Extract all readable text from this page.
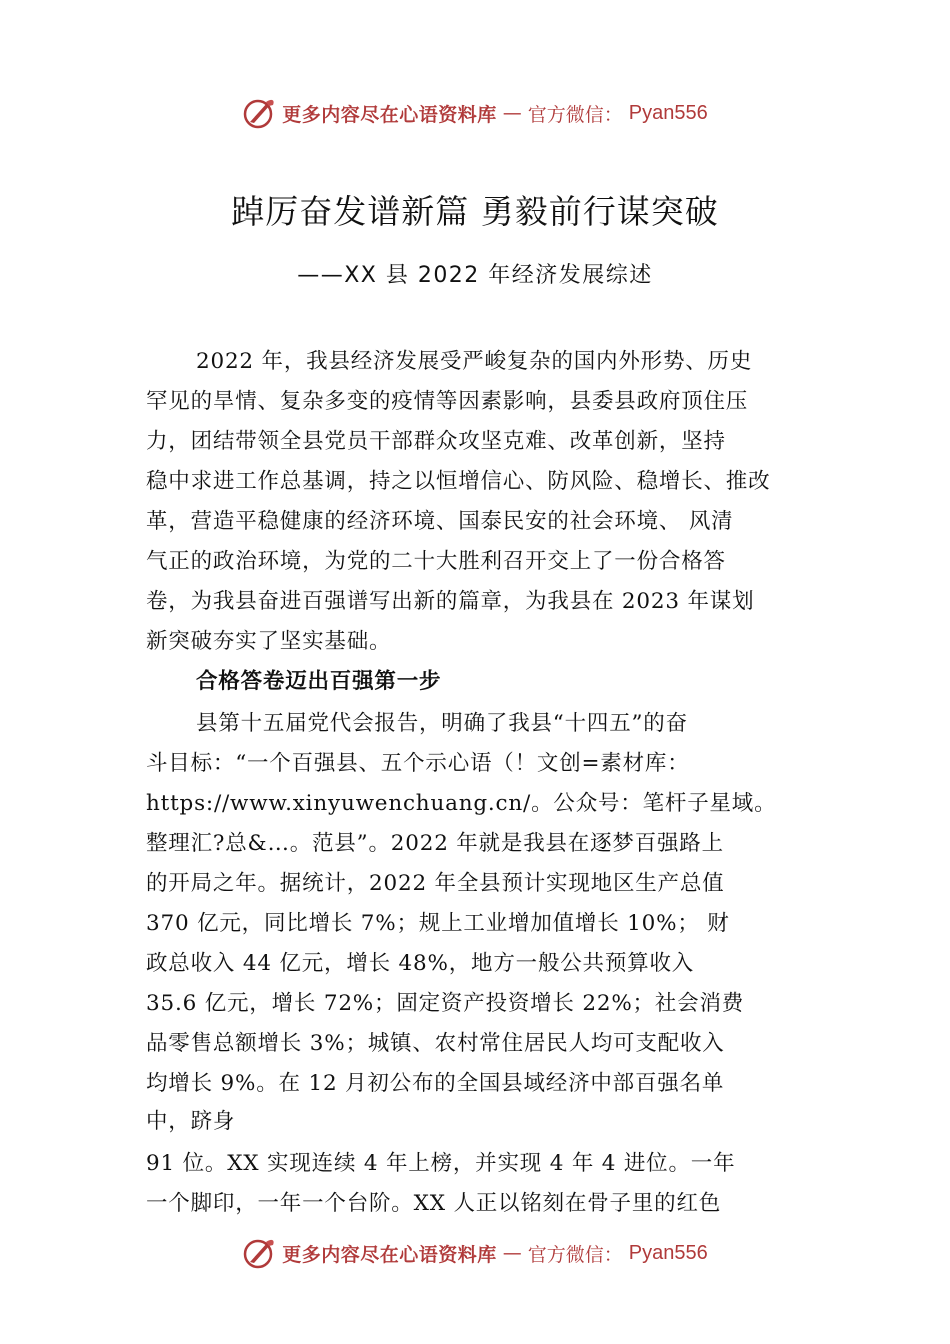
更多内容尽在心语资料库 — 官方微信： Pyan556
踔厉奋发谱新篇 勇毅前行谋突破
——XX 县 2022 年经济发展综述
2022 年，我县经济发展受严峻复杂的国内外形势、历史
罕见的旱情、复杂多变的疫情等因素影响，县委县政府顶住压
力，团结带领全县党员干部群众攻坚克难、改革创新，坚持
稳中求进工作总基调，持之以恒增信心、防风险、稳增长、推改
革，营造平稳健康的经济环境、国泰民安的社会环境、 风清
气正的政治环境，为党的二十大胜利召开交上了一份合格答
卷，为我县奋进百强谱写出新的篇章，为我县在 2023 年谋划
新突破夯实了坚实基础。
合格答卷迈出百强第一步
县第十五届党代会报告，明确了我县“十四五”的奋
斗目标：“一个百强县、五个示心语（！文创=素材库：
https://www.xinyuwenchuang.cn/。公众号：笔杆子星域。
整理汇?总&…。范县”。2022 年就是我县在逐梦百强路上
的开局之年。据统计，2022 年全县预计实现地区生产总值
370 亿元，同比增长 7%；规上工业增加值增长 10%； 财
政总收入 44 亿元，增长 48%，地方一般公共预算收入
35.6 亿元，增长 72%；固定资产投资增长 22%；社会消费
品零售总额增长 3%；城镇、农村常住居民人均可支配收入
均增长 9%。在 12 月初公布的全国县域经济中部百强名单
中，跻身
91 位。XX 实现连续 4 年上榜，并实现 4 年 4 进位。一年
一个脚印，一年一个台阶。XX 人正以铭刻在骨子里的红色
更多内容尽在心语资料库 — 官方微信： Pyan556
